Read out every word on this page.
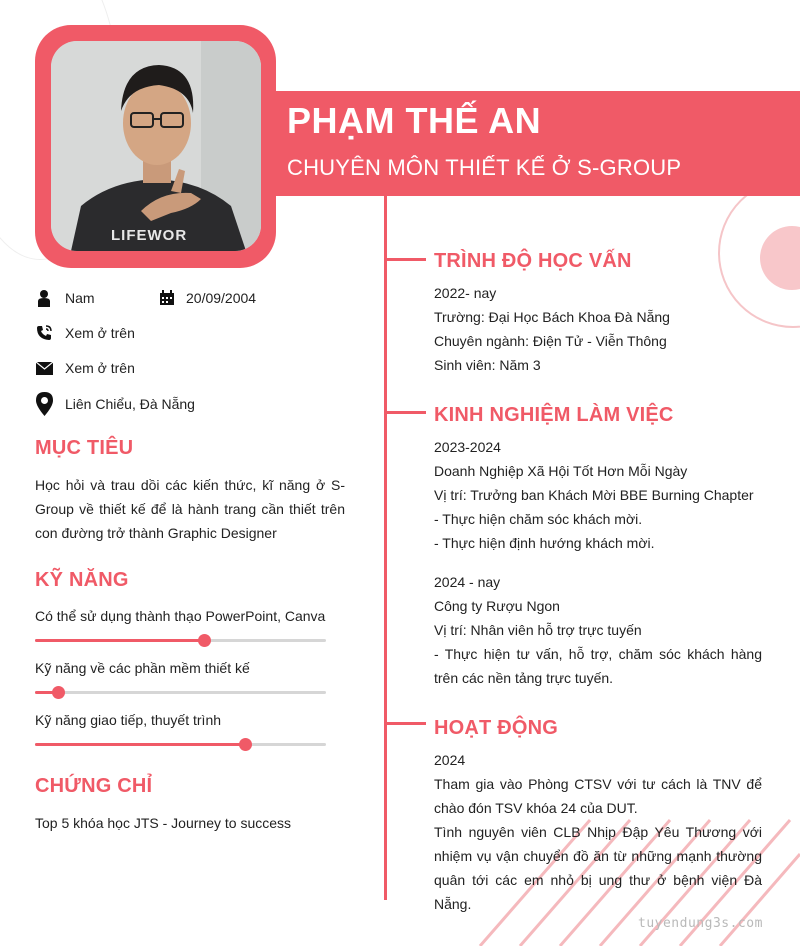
PHẠM THẾ AN
CHUYÊN MÔN THIẾT KẾ Ở S-GROUP
LIFEWOR
Nam	20/09/2004
Xem ở trên
Xem ở trên
Liên Chiểu, Đà Nẵng
MỤC TIÊU
Học hỏi và trau dồi các kiến thức, kĩ năng ở S-Group về thiết kế để là hành trang cần thiết trên con đường trở thành Graphic Designer
KỸ NĂNG
Có thể sử dụng thành thạo PowerPoint, Canva
Kỹ năng về các phần mềm thiết kế
Kỹ năng giao tiếp, thuyết trình
CHỨNG CHỈ
Top 5 khóa học JTS - Journey to success
TRÌNH ĐỘ HỌC VẤN
2022- nay
Trường: Đại Học Bách Khoa Đà Nẵng
Chuyên ngành: Điện Tử - Viễn Thông
Sinh viên: Năm 3
KINH NGHIỆM LÀM VIỆC
2023-2024
Doanh Nghiệp Xã Hội Tốt Hơn Mỗi Ngày
Vị trí: Trưởng ban Khách Mời BBE Burning Chapter
- Thực hiện chăm sóc khách mời.
- Thực hiện định hướng khách mời.
2024 - nay
Công ty Rượu Ngon
Vị trí: Nhân viên hỗ trợ trực tuyến
- Thực hiện tư vấn, hỗ trợ, chăm sóc khách hàng trên các nền tảng trực tuyến.
HOẠT ĐỘNG
2024
Tham gia vào Phòng CTSV với tư cách là TNV để chào đón TSV khóa 24 của DUT.
Tình nguyên viên CLB Nhịp Đập Yêu Thương với nhiệm vụ vận chuyển đồ ăn từ những mạnh thường quân tới các em nhỏ bị ung thư ở bệnh viện Đà Nẵng.
tuyendung3s.com
